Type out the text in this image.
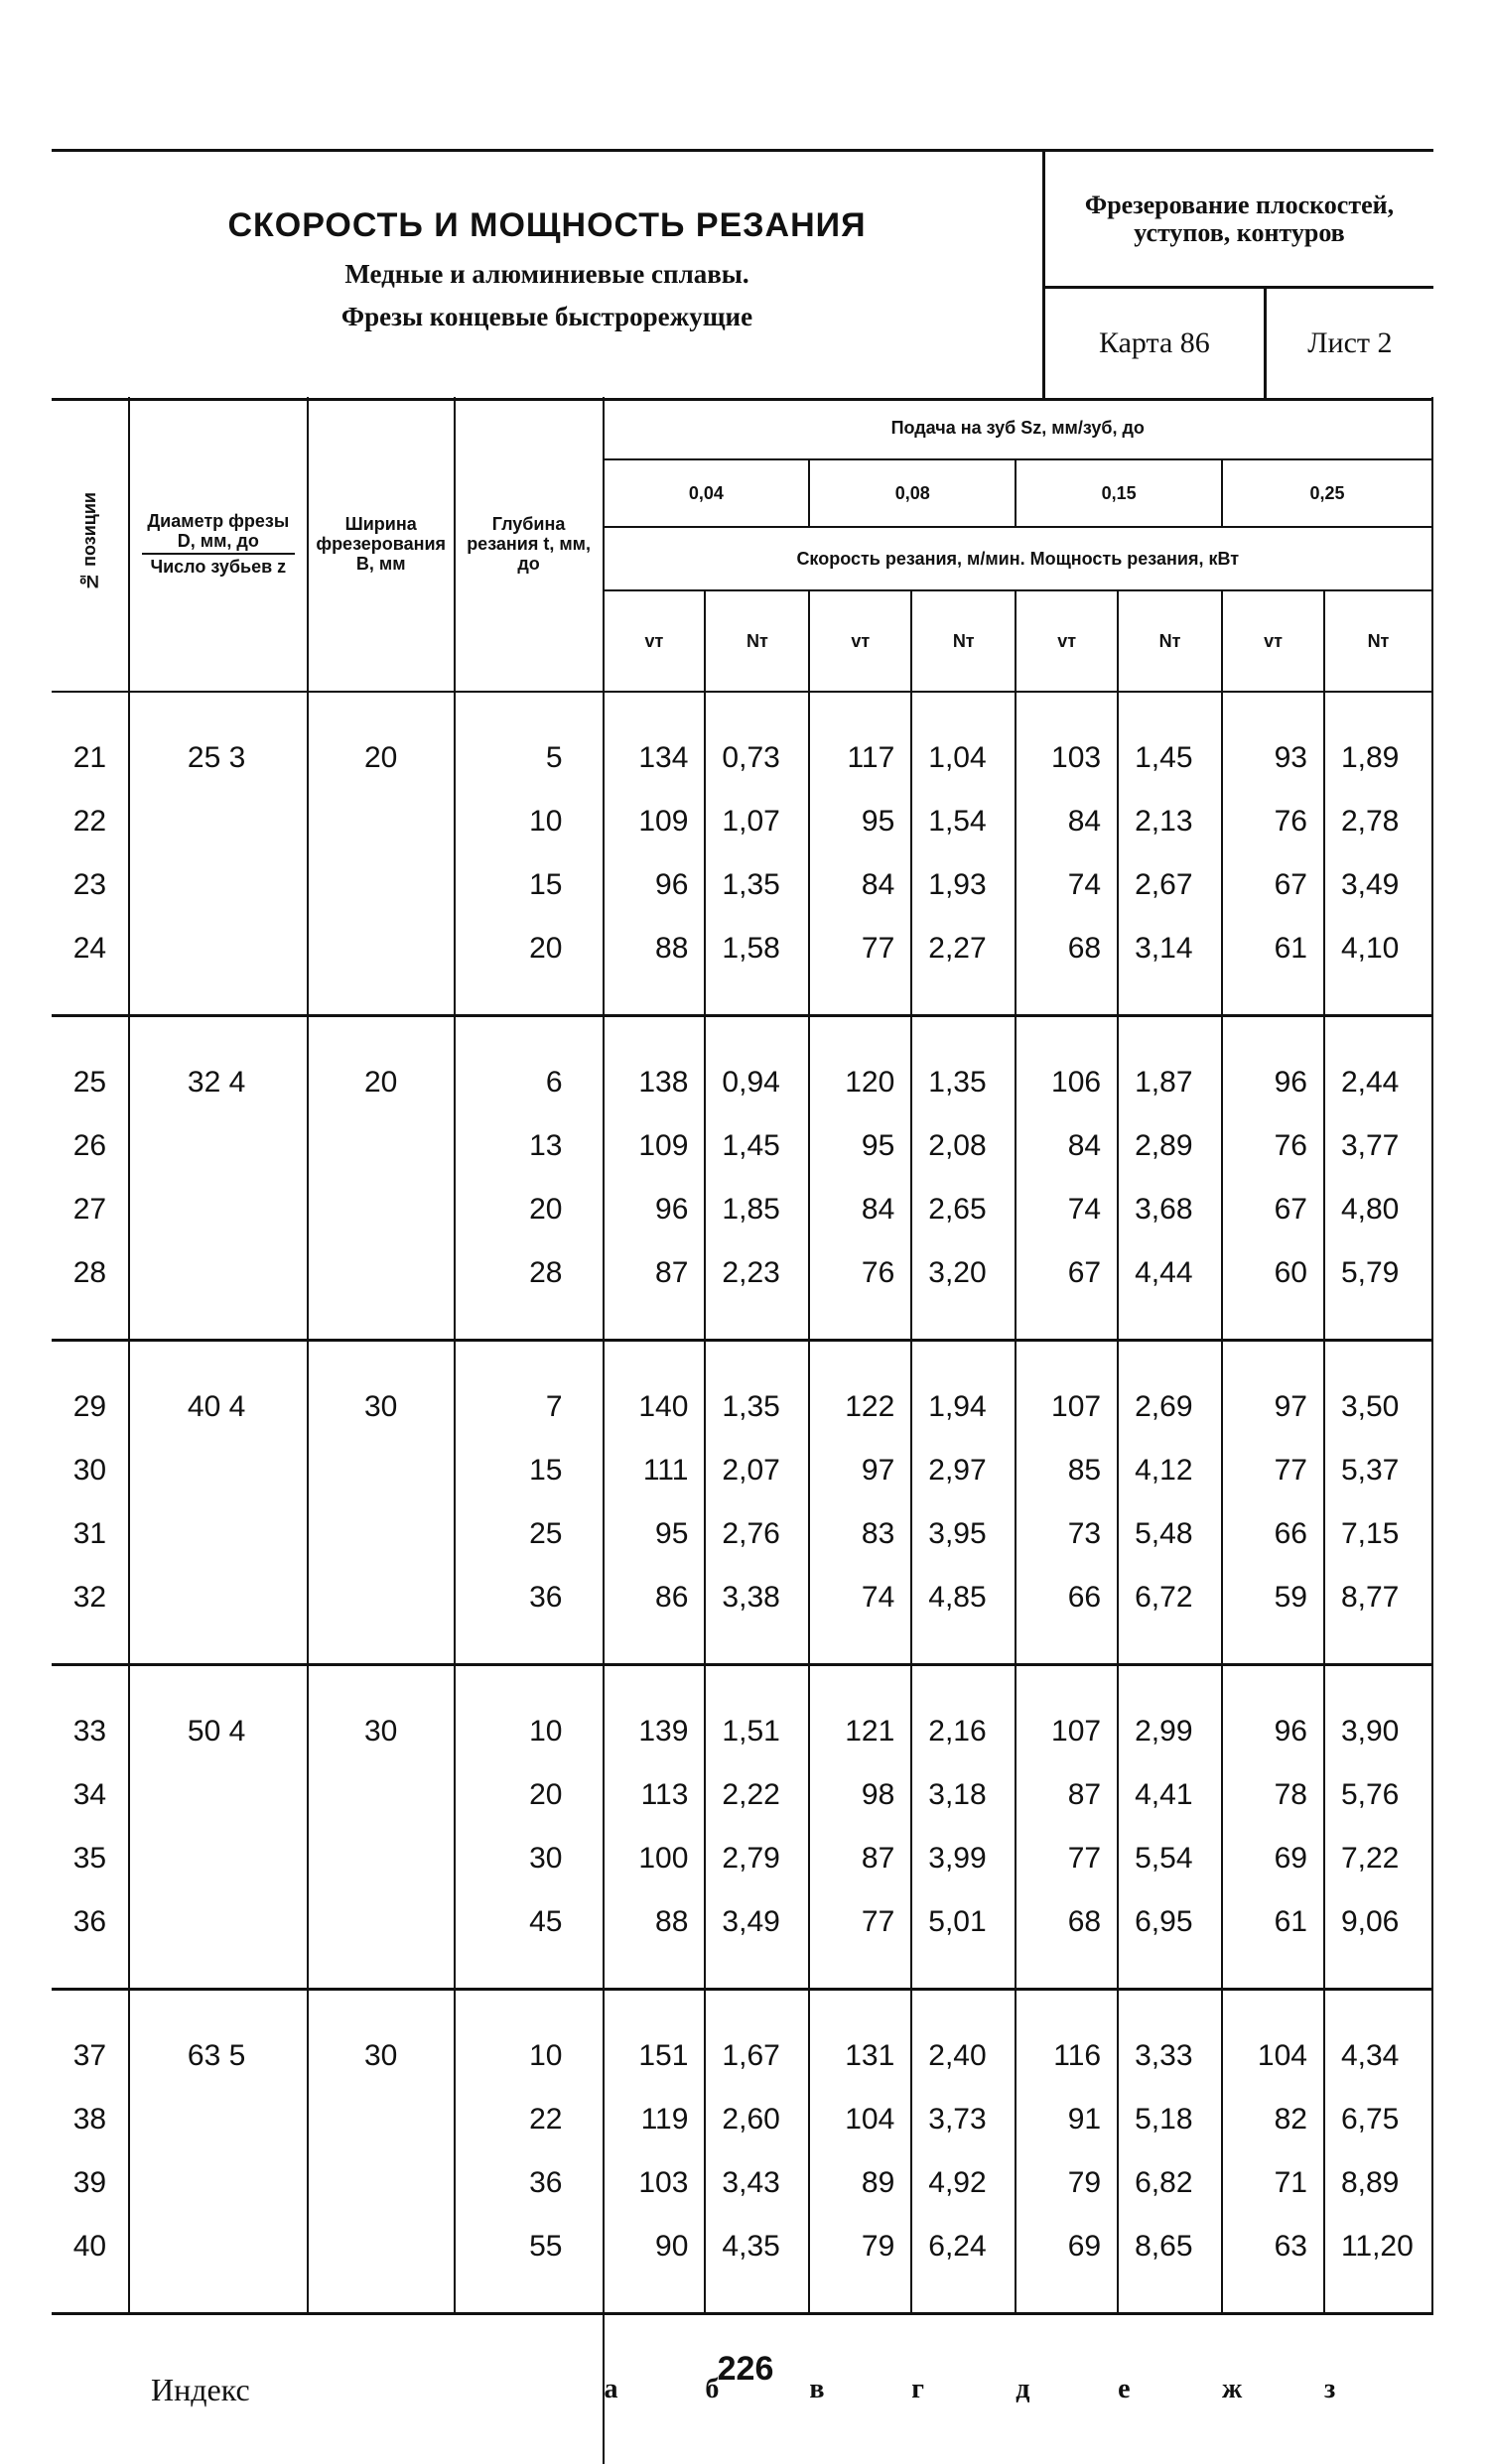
СКОРОСТЬ И МОЩНОСТЬ РЕЗАНИЯ
Медные и алюминиевые сплавы.
Фрезы концевые быстрорежущие	Фрезерование плоскостей, уступов, контуров	
	Карта 86	Лист 2
№ позиции	Диаметр фрезы D, мм, до
Число зубьев z	Ширина фрезерования B, мм	Глубина резания t, мм, до	Подача на зуб Sz, мм/зуб, до							
				0,04		0,08		0,15		0,25	
				Скорость резания, м/мин. Мощность резания, кВт							
				vт	Nт	vт	Nт	vт	Nт	vт	Nт
21	25 3	20	5	134	0,73	117	1,04	103	1,45	93	1,89
22			10	109	1,07	95	1,54	84	2,13	76	2,78
23			15	96	1,35	84	1,93	74	2,67	67	3,49
24			20	88	1,58	77	2,27	68	3,14	61	4,10
25	32 4	20	6	138	0,94	120	1,35	106	1,87	96	2,44
26			13	109	1,45	95	2,08	84	2,89	76	3,77
27			20	96	1,85	84	2,65	74	3,68	67	4,80
28			28	87	2,23	76	3,20	67	4,44	60	5,79
29	40 4	30	7	140	1,35	122	1,94	107	2,69	97	3,50
30			15	111	2,07	97	2,97	85	4,12	77	5,37
31			25	95	2,76	83	3,95	73	5,48	66	7,15
32			36	86	3,38	74	4,85	66	6,72	59	8,77
33	50 4	30	10	139	1,51	121	2,16	107	2,99	96	3,90
34			20	113	2,22	98	3,18	87	4,41	78	5,76
35			30	100	2,79	87	3,99	77	5,54	69	7,22
36			45	88	3,49	77	5,01	68	6,95	61	9,06
37	63 5	30	10	151	1,67	131	2,40	116	3,33	104	4,34
38			22	119	2,60	104	3,73	91	5,18	82	6,75
39			36	103	3,43	89	4,92	79	6,82	71	8,89
40			55	90	4,35	79	6,24	69	8,65	63	11,20
Индекс				а	б	в	г	д	е	ж	з
226
